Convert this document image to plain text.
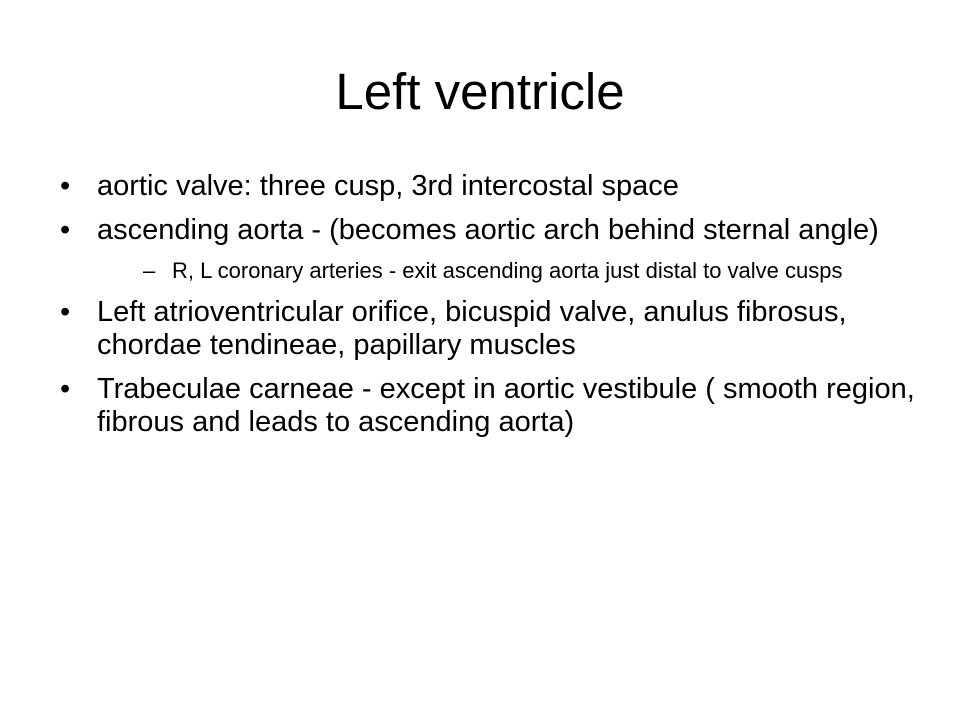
Left ventricle
• aortic valve: three cusp, 3rd intercostal space
• ascending aorta - (becomes aortic arch behind sternal angle)
– R, L coronary arteries - exit ascending aorta just distal to valve cusps
• Left atrioventricular orifice, bicuspid valve, anulus fibrosus, chordae tendineae, papillary muscles
• Trabeculae carneae - except in aortic vestibule ( smooth region, fibrous and leads to ascending aorta)
